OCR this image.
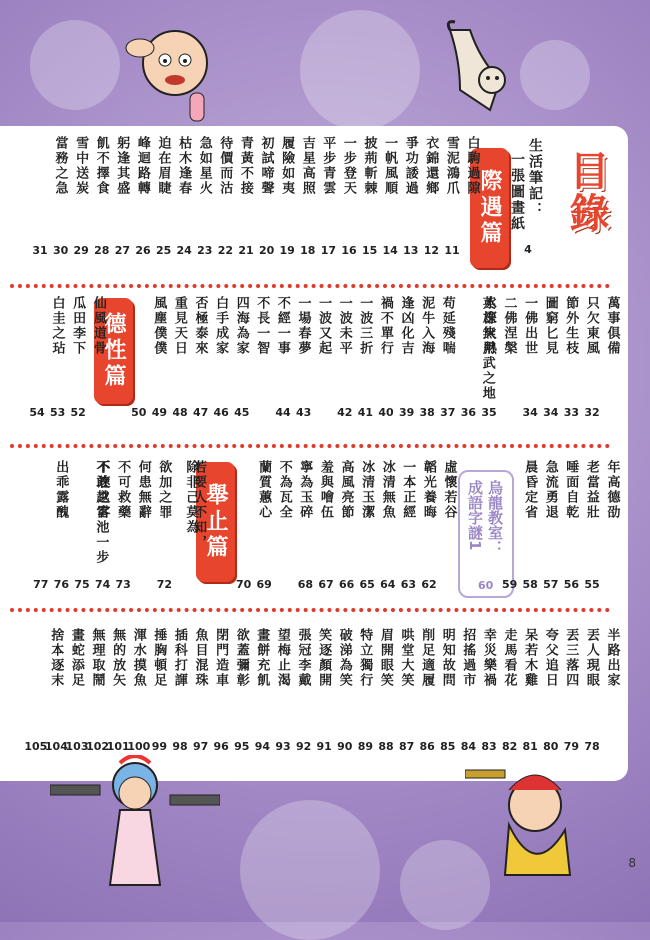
目錄
生活筆記：
一張圖畫紙
4
際遇篇
德性篇
舉止篇	烏龍教室：
成語字謎1
60
白駒過隙
11
雪泥鴻爪
12
衣錦還鄉
13
爭功諉過
14
一帆風順
15
披荊斬棘
16
一步登天
17
平步青雲
18
吉星高照
19
履險如夷
20
初試啼聲
21
青黃不接
22
待價而沽
23
急如星火
24
枯木逢春
25
迫在眉睫
26
峰迴路轉
27
躬逢其盛
28
飢不擇食
29
雪中送炭
30
當務之急
31
萬事俱備
32
只欠東風
33
節外生枝
34
圖窮匕見
34
一佛出世
二佛涅槃
35
水深火熱
36
英雄無用武之地
37
苟延殘喘
38
泥牛入海
39
逢凶化吉
40
禍不單行
41
一波三折
42
一波未平
一波又起
43
一場春夢
44
不經一事
不長一智
45
四海為家
46
白手成家
47
否極泰來
48
重見天日
49
風塵僕僕
50
仙風道骨
52
瓜田李下
53
白圭之玷
54
年高德劭
55
老當益壯
56
唾面自乾
57
急流勇退
58
晨昏定省
59
虛懷若谷
62
韜光養晦
63
一本正經
64
冰清無魚
65
冰清玉潔
66
高風亮節
67
羞與噲伍
68
寧為玉碎
不為瓦全
69
蘭質蕙心
70
若要人不知，
除非己莫為
72
欲加之罪
何患無辭
73
不可救藥
74
不速之客
75
不敢越雷池一步
76
出乖露醜
77
半路出家
78
丟人現眼
79
丟三落四
80
夸父追日
81
呆若木雞
82
走馬看花
83
幸災樂禍
84
招搖過市
85
明知故問
86
削足適履
87
哄堂大笑
88
眉開眼笑
89
特立獨行
90
破涕為笑
91
笑逐顏開
92
張冠李戴
93
望梅止渴
94
畫餅充飢
95
欲蓋彌彰
96
閉門造車
97
魚目混珠
98
插科打諢
99
捶胸頓足
100
渾水摸魚
101
無的放矢
102
無理取鬧
103
畫蛇添足
104
捨本逐末
105
8
